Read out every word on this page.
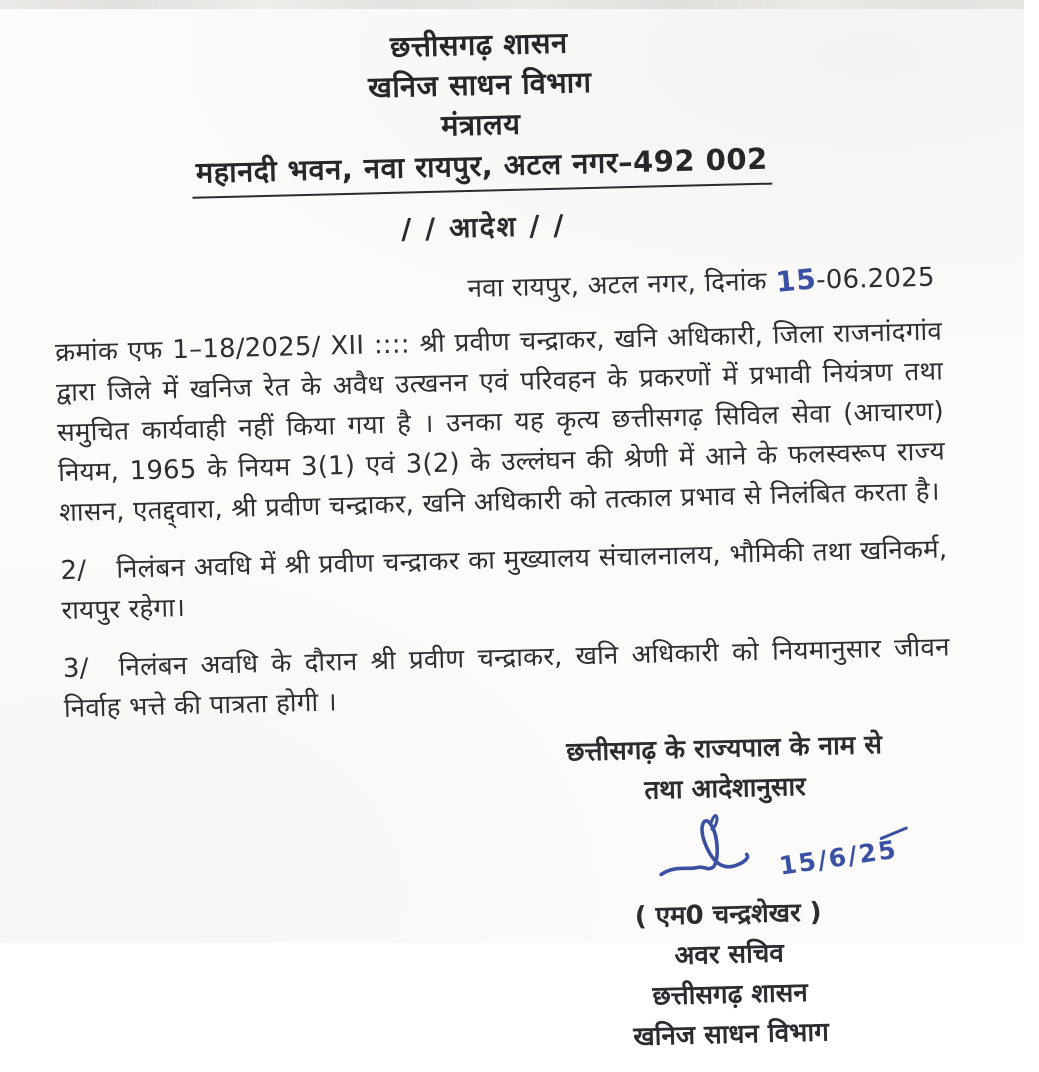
छत्तीसगढ़ शासन
खनिज साधन विभाग
मंत्रालय
महानदी भवन, नवा रायपुर, अटल नगर–492 002
/ / आदेश / /
नवा रायपुर, अटल नगर, दिनांक 15-06.2025

क्रमांक एफ 1–18/2025/ XII :::: श्री प्रवीण चन्द्राकर, खनि अधिकारी, जिला राजनांदगांव द्वारा जिले में खनिज रेत के अवैध उत्खनन एवं परिवहन के प्रकरणों में प्रभावी नियंत्रण तथा समुचित कार्यवाही नहीं किया गया है । उनका यह कृत्य छत्तीसगढ़ सिविल सेवा (आचारण) नियम, 1965 के नियम 3(1) एवं 3(2) के उल्लंघन की श्रेणी में आने के फलस्वरूप राज्य शासन, एतद्द्वारा, श्री प्रवीण चन्द्राकर, खनि अधिकारी को तत्काल प्रभाव से निलंबित करता है।

2/ निलंबन अवधि में श्री प्रवीण चन्द्राकर का मुख्यालय संचालनालय, भौमिकी तथा खनिकर्म, रायपुर रहेगा।

3/ निलंबन अवधि के दौरान श्री प्रवीण चन्द्राकर, खनि अधिकारी को नियमानुसार जीवन निर्वाह भत्ते की पात्रता होगी ।

छत्तीसगढ़ के राज्यपाल के नाम से
तथा आदेशानुसार
15/6/25
( एम0 चन्द्रशेखर )
अवर सचिव
छत्तीसगढ़ शासन
खनिज साधन विभाग
